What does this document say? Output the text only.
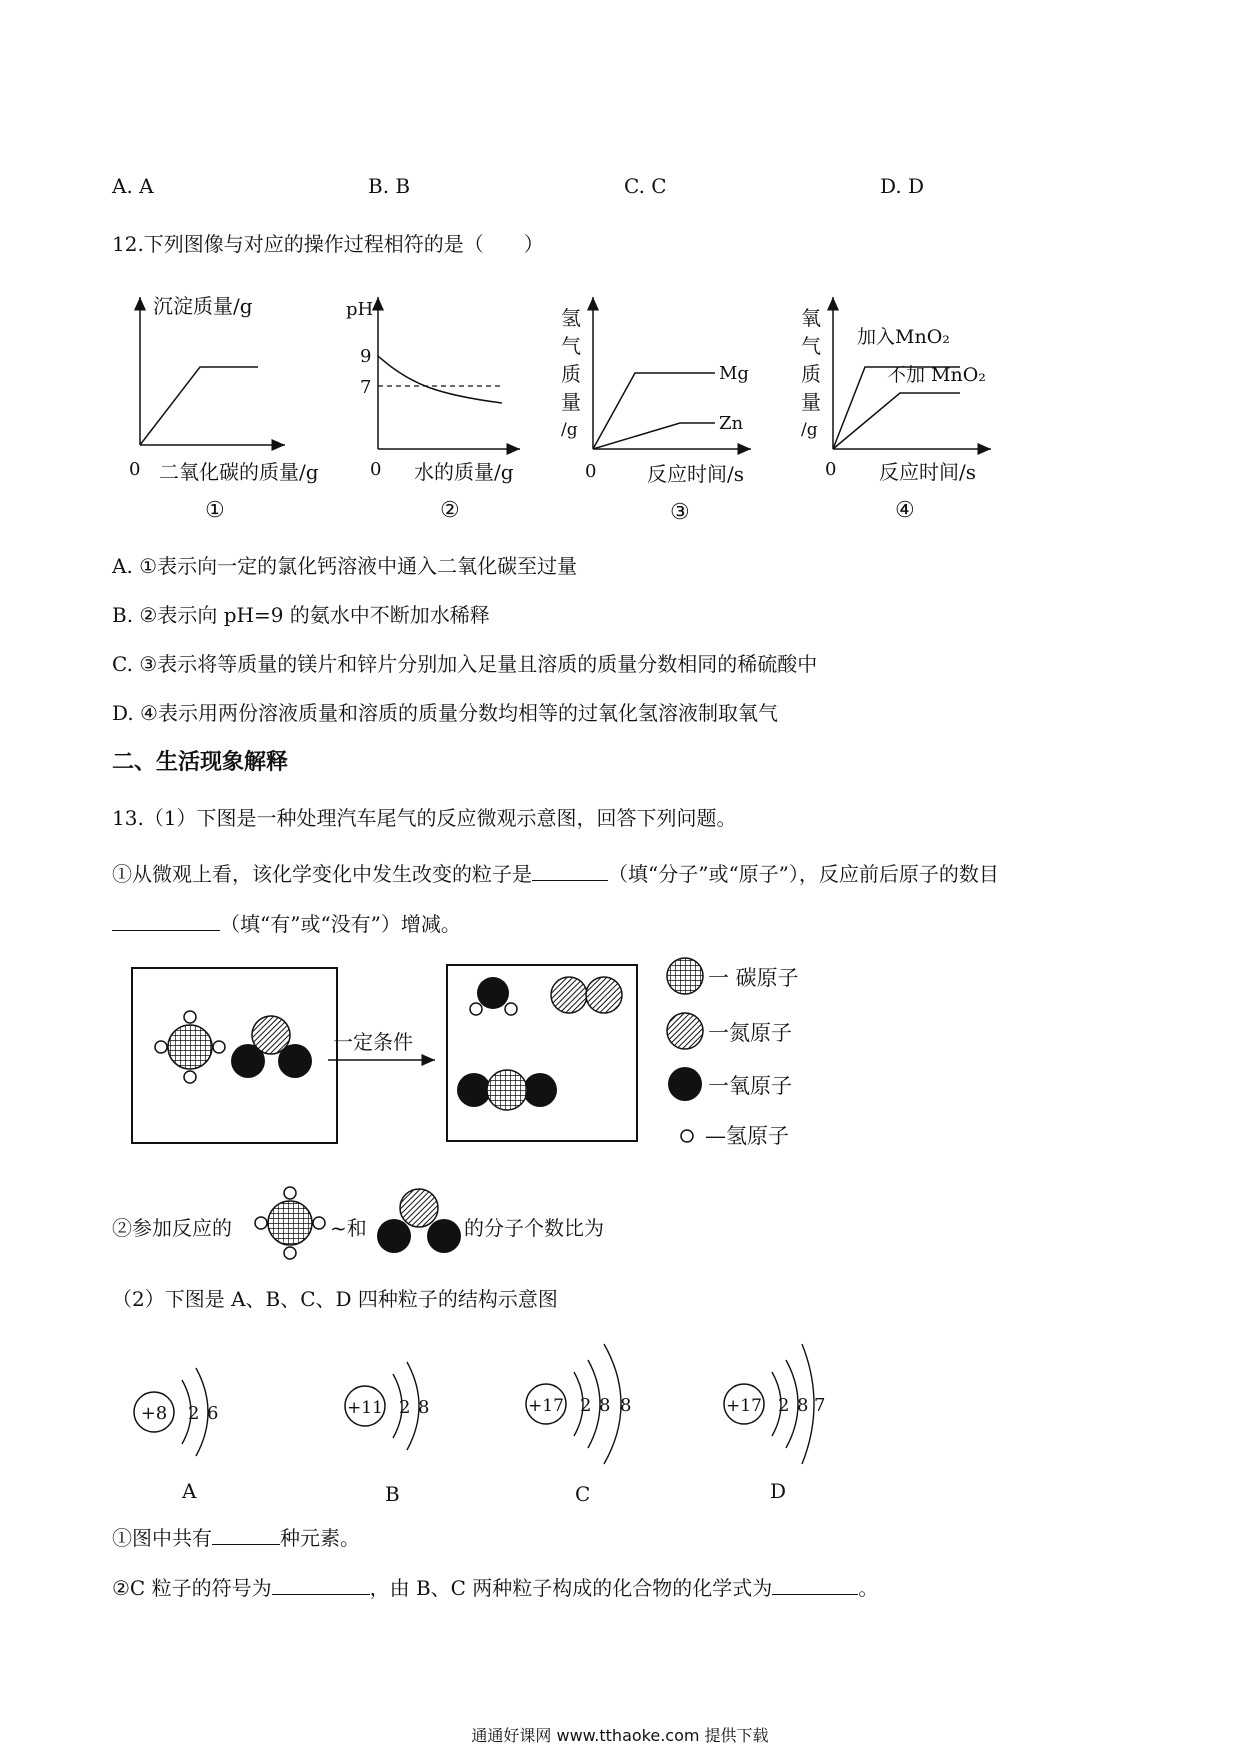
A. A	B. B	C. C	D. D
12.下列图像与对应的操作过程相符的是（　　）
沉淀质量/g
0 二氧化碳的质量/g
①
pH
9
7
0 水的质量/g
②
氢
气
质
量
/g
Mg
Zn
0	反应时间/s
③
氧
气
质
量
/g
加入MnO₂
不加 MnO₂
0 反应时间/s
④
A. ①表示向一定的氯化钙溶液中通入二氧化碳至过量
B. ②表示向 pH=9 的氨水中不断加水稀释
C. ③表示将等质量的镁片和锌片分别加入足量且溶质的质量分数相同的稀硫酸中
D. ④表示用两份溶液质量和溶质的质量分数均相等的过氧化氢溶液制取氧气
二、生活现象解释
13.（1）下图是一种处理汽车尾气的反应微观示意图，回答下列问题。
①从微观上看，该化学变化中发生改变的粒子是	（填“分子”或“原子”），反应前后原子的数目
（填“有”或“没有”）增减。
一定条件
一 碳原子
一氮原子
一氧原子
—氢原子
②参加反应的	~和	的分子个数比为
（2）下图是 A、B、C、D 四种粒子的结构示意图
+8 2 6
A
+11 2 8
B
+17 2 8 8
C
+17 2 8 7
D
①图中共有	种元素。
②C 粒子的符号为	，由 B、C 两种粒子构成的化合物的化学式为	。
通通好课网 www.tthaoke.com 提供下载
